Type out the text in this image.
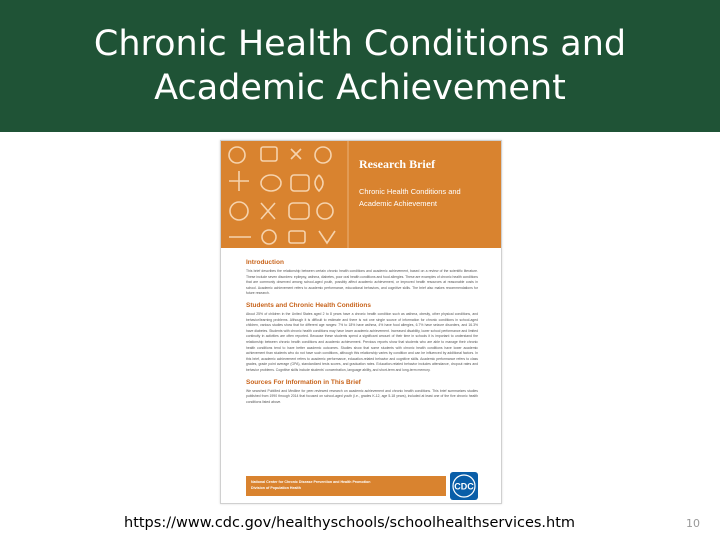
Chronic Health Conditions and Academic Achievement
Research Brief
Chronic Health Conditions and Academic Achievement

Introduction

This brief describes the relationship between certain chronic health conditions and academic achievement, based on a review of the scientific literature. These include seven disorders: epilepsy, asthma, diabetes, poor oral health conditions and food allergies. These are examples of chronic health conditions that are commonly observed among school-aged youth, possibly affect academic achievement, or improved health resources at reasonable costs in school. Academic achievement refers to academic performance, educational behaviors, and cognitive skills. The brief also makes recommendations for future research.

Students and Chronic Health Conditions

About 25% of children in the United States aged 2 to 8 years have a chronic health condition such as asthma, obesity, other physical conditions, and behavior/learning problems. Although it is difficult to estimate and there is not one single source of information for chronic conditions in school-aged children, various studies show that for different age ranges: 7% to 18% have asthma, 4% have food allergies, 6.7% have seizure disorders, and 16.3% have diabetes. Students with chronic health conditions may have lower academic achievement. Increased disability, lower school performance and limited continuity in activities are often reported. Because these students spend a significant amount of their time in schools it is important to understand the relationship between chronic health conditions and academic achievement. Previous reports show that students who are able to manage their chronic health conditions tend to have better academic outcomes. Studies show that some students with chronic health conditions have lower academic achievement than students who do not have such conditions, although this relationship varies by condition and can be influenced by additional factors. In this brief, academic achievement refers to academic performance, education-related behavior and cognitive skills. Academic performance refers to class grades, grade point average (GPA), standardized tests scores, and graduation rates. Education-related behavior includes attendance, dropout rates and behavior problems. Cognitive skills include students' concentration, language ability, and short-term and long-term memory.

Sources For Information in This Brief

We searched PubMed and Medline for peer-reviewed research on academic achievement and chronic health conditions. This brief summarizes studies published from 1990 through 2014 that focused on school-aged youth (i.e., grades K-12, age 5-18 years), included at least one of the five chronic health conditions listed above.

National Center for Chronic Disease Prevention and Health Promotion
Division of Population Health	CDC
https://www.cdc.gov/healthyschools/schoolhealthservices.htm	10
